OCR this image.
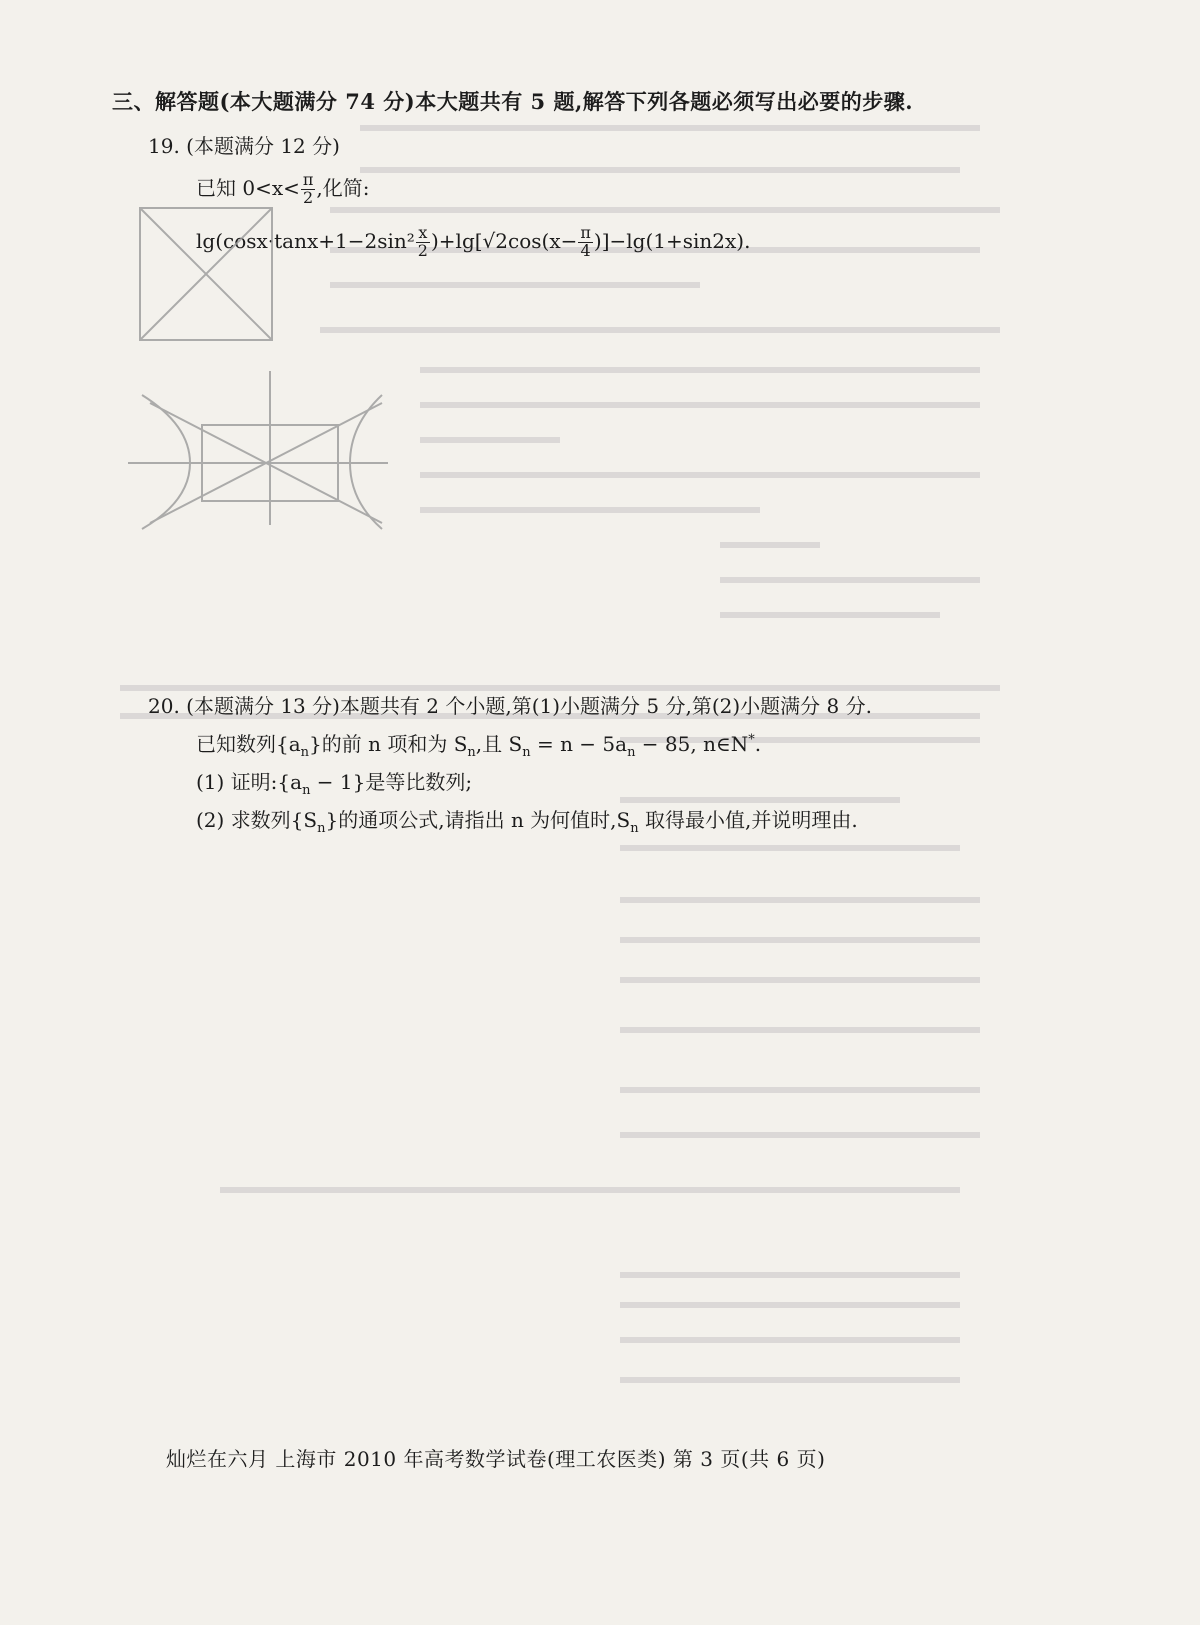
三、解答题(本大题满分 74 分)本大题共有 5 题,解答下列各题必须写出必要的步骤.
19. (本题满分 12 分)
已知 $0<x< \frac{\pi}{2}$ ,化简:
$\lg(\cos x\cdot\tan x+1-2\sin^2 \frac{x}{2} )+\lg[√2\cos(x- \frac{\pi}{4} )]-\lg(1+\sin 2x)$.
20. (本题满分 13 分)本题共有 2 个小题,第(1)小题满分 5 分,第(2)小题满分 8 分.
已知数列$\{a_n\}$的前 n 项和为 $S_n$,且 $S_n = n - 5a_n - 85$, n∈N*.
(1) 证明$:\{a_n - 1\}$是等比数列;
(2) 求数列$\{S_n\}$的通项公式,请指出 n 为何值时$,S_n$ 取得最小值,并说明理由.
灿烂在六月 上海市 2010 年高考数学试卷(理工农医类) 第 3 页(共 6 页)
